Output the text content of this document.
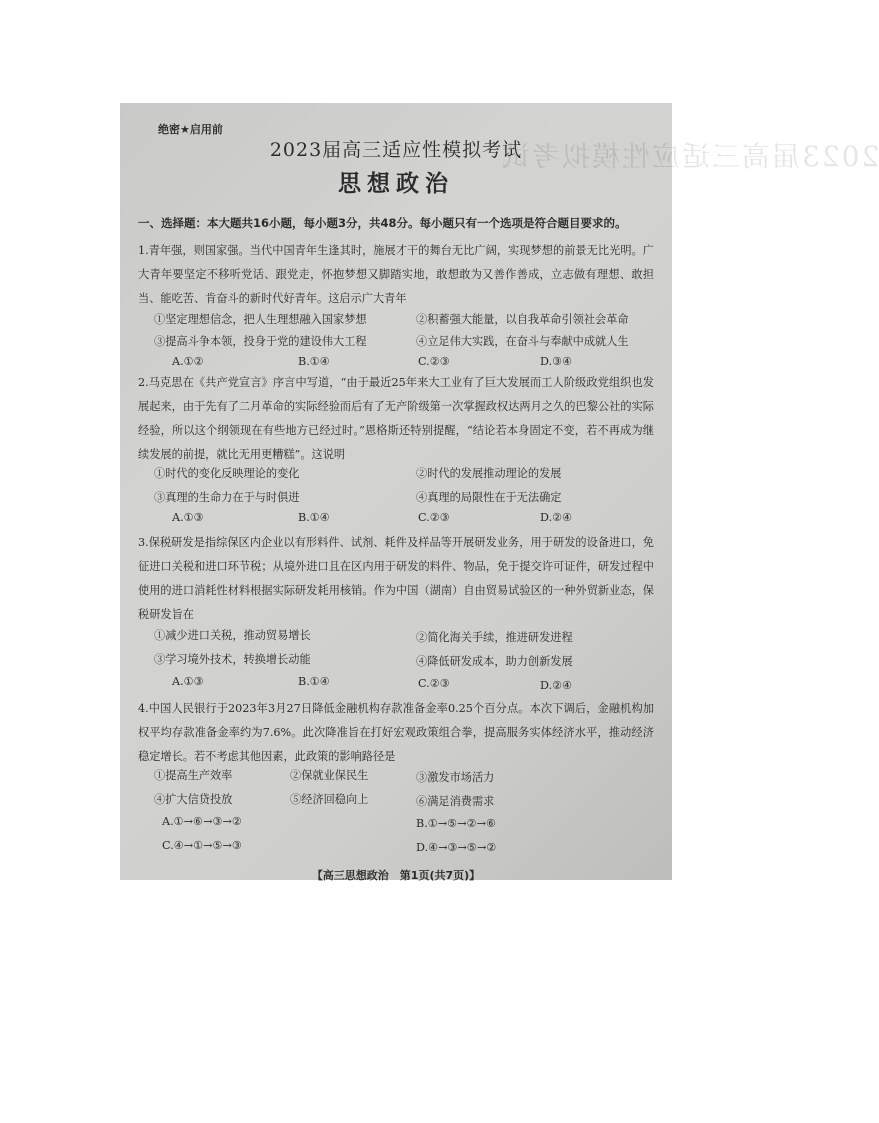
2023届高三适应性模拟考试
绝密★启用前
2023届高三适应性模拟考试
思想政治
一、选择题：本大题共16小题，每小题3分，共48分。每小题只有一个选项是符合题目要求的。
1.青年强，则国家强。当代中国青年生逢其时，施展才干的舞台无比广阔，实现梦想的前景无比光明。广大青年要坚定不移听党话、跟党走，怀抱梦想又脚踏实地，敢想敢为又善作善成，立志做有理想、敢担当、能吃苦、肯奋斗的新时代好青年。这启示广大青年
①坚定理想信念，把人生理想融入国家梦想	②积蓄强大能量，以自我革命引领社会革命
③提高斗争本领，投身于党的建设伟大工程	④立足伟大实践，在奋斗与奉献中成就人生
A.①②	B.①④	C.②③	D.③④
2.马克思在《共产党宣言》序言中写道，“由于最近25年来大工业有了巨大发展而工人阶级政党组织也发展起来，由于先有了二月革命的实际经验而后有了无产阶级第一次掌握政权达两月之久的巴黎公社的实际经验，所以这个纲领现在有些地方已经过时。”恩格斯还特别提醒，“结论若本身固定不变，若不再成为继续发展的前提，就比无用更糟糕”。这说明
①时代的变化反映理论的变化	②时代的发展推动理论的发展
③真理的生命力在于与时俱进	④真理的局限性在于无法确定
A.①③	B.①④	C.②③	D.②④
3.保税研发是指综保区内企业以有形料件、试剂、耗件及样品等开展研发业务，用于研发的设备进口，免征进口关税和进口环节税；从境外进口且在区内用于研发的料件、物品，免于提交许可证件，研发过程中使用的进口消耗性材料根据实际研发耗用核销。作为中国（湖南）自由贸易试验区的一种外贸新业态，保税研发旨在
①减少进口关税，推动贸易增长	②简化海关手续，推进研发进程
③学习境外技术，转换增长动能	④降低研发成本，助力创新发展
A.①③	B.①④	C.②③	D.②④
4.中国人民银行于2023年3月27日降低金融机构存款准备金率0.25个百分点。本次下调后，金融机构加权平均存款准备金率约为7.6%。此次降准旨在打好宏观政策组合拳，提高服务实体经济水平，推动经济稳定增长。若不考虑其他因素，此政策的影响路径是
①提高生产效率	②保就业保民生	③激发市场活力
④扩大信贷投放	⑤经济回稳向上	⑥满足消费需求
A.①→⑥→③→②	B.①→⑤→②→⑥
C.④→①→⑤→③	D.④→③→⑤→②
【高三思想政治　第1页(共7页)】
